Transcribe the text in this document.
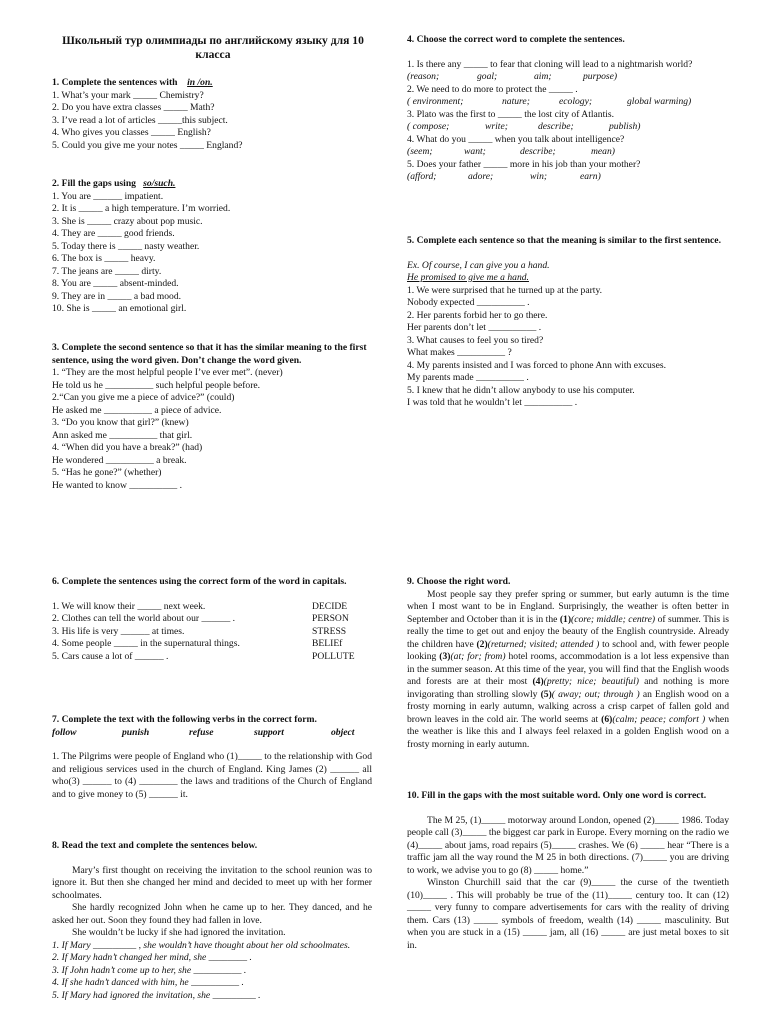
Школьный тур олимпиады по английскому языку для 10 класса
1. Complete the sentences with in /on.
1. What’s your mark _____ Chemistry?
2. Do you have extra classes _____ Math?
3. I’ve read a lot of articles _____this subject.
4. Who gives you classes _____ English?
5. Could you give me your notes _____ England?
2. Fill the gaps using so/such.
1. You are ______ impatient.
2. It is _____ a high temperature. I’m worried.
3. She is _____ crazy about pop music.
4. They are _____ good friends.
5. Today there is _____ nasty weather.
6. The box is _____ heavy.
7. The jeans are _____ dirty.
8. You are _____ absent-minded.
9. They are in _____ a bad mood.
10. She is _____ an emotional girl.
3. Complete the second sentence so that it has the similar meaning to the first sentence, using the word given. Don’t change the word given.
1. “They are the most helpful people I’ve ever met”. (never)
He told us he __________ such helpful people before.
2.“Can you give me a piece of advice?” (could)
He asked me __________ a piece of advice.
3. “Do you know that girl?” (knew)
Ann asked me __________ that girl.
4. “When did you have a break?” (had)
He wondered __________ a break.
5. “Has he gone?” (whether)
He wanted to know __________ .
4. Choose the correct word to complete the sentences.
1. Is there any _____ to fear that cloning will lead to a nightmarish world?
(reason;	goal;	aim;	purpose)
2. We need to do more to protect the _____ .
( environment;	nature;	ecology;	global warming)
3. Plato was the first to _____ the lost city of Atlantis.
( compose;	write;	describe;	publish)
4. What do you _____ when you talk about intelligence?
(seem;	want;	describe;	mean)
5. Does your father _____ more in his job than your mother?
(afford;	adore;	win;	earn)
5. Complete each sentence so that the meaning is similar to the first sentence.
Ex. Of course, I can give you a hand.
He promised to give me a hand.
1. We were surprised that he turned up at the party.
Nobody expected __________ .
2. Her parents forbid her to go there.
Her parents don’t let __________ .
3. What causes to feel you so tired?
What makes __________ ?
4. My parents insisted and I was forced to phone Ann with excuses.
My parents made __________ .
5. I knew that he didn’t allow anybody to use his computer.
I was told that he wouldn’t let __________ .
6. Complete the sentences using the correct form of the word in capitals.
1. We will know their _____ next week.	DECIDE
2. Clothes can tell the world about our ______ .	PERSON
3. His life is very ______ at times.	STRESS
4. Some people _____ in the supernatural things.	BELIEf
5. Cars cause a lot of ______ .	POLLUTE
7. Complete the text with the following verbs in the correct form.
follow	punish	refuse	support	object
1. The Pilgrims were people of England who (1)_____ to the relationship with God and religious services used in the church of England. King James (2) ______ all who(3) ______ to (4) ________ the laws and traditions of the Church of England and to give money to (5) ______ it.
8. Read the text and complete the sentences below.
Mary’s first thought on receiving the invitation to the school reunion was to ignore it. But then she changed her mind and decided to meet up with her former schoolmates.
She hardly recognized John when he came up to her. They danced, and he asked her out. Soon they found they had fallen in love.
She wouldn’t be lucky if she had ignored the invitation.
1. If Mary _________ , she wouldn’t have thought about her old schoolmates.
2. If Mary hadn’t changed her mind, she ________ .
3. If John hadn’t come up to her, she __________ .
4. If she hadn’t danced with him, he __________ .
5. If Mary had ignored the invitation, she _________ .
9. Choose the right word.
Most people say they prefer spring or summer, but early autumn is the time when I most want to be in England. Surprisingly, the weather is often better in September and October than it is in the (1)(core; middle; centre) of summer. This is really the time to get out and enjoy the beauty of the English countryside. Already the children have (2)(returned; visited; attended ) to school and, with fewer people looking (3)(at; for; from) hotel rooms, accommodation is a lot less expensive than in the summer season. At this time of the year, you will find that the English woods and forests are at their most (4)(pretty; nice; beautiful) and nothing is more invigorating than strolling slowly (5)( away; out; through ) an English wood on a frosty morning in early autumn, walking across a crisp carpet of fallen gold and brown leaves in the cold air. The world seems at (6)(calm; peace; comfort ) when the weather is like this and I always feel relaxed in a golden English wood on a frosty morning in early autumn.
10. Fill in the gaps with the most suitable word. Only one word is correct.
The M 25, (1)_____ motorway around London, opened (2)_____ 1986. Today people call (3)_____ the biggest car park in Europe. Every morning on the radio we (4)_____ about jams, road repairs (5)_____ crashes. We (6) _____ hear “There is a traffic jam all the way round the M 25 in both directions. (7)_____ you are driving to work, we advise you to go (8) _____ home.”
Winston Churchill said that the car (9)_____ the curse of the twentieth (10)_____ . This will probably be true of the (11)_____ century too. It can (12) _____ very funny to compare advertisements for cars with the reality of driving them. Cars (13) _____ symbols of freedom, wealth (14) _____ masculinity. But when you are stuck in a (15) _____ jam, all (16) _____ are just metal boxes to sit in.
